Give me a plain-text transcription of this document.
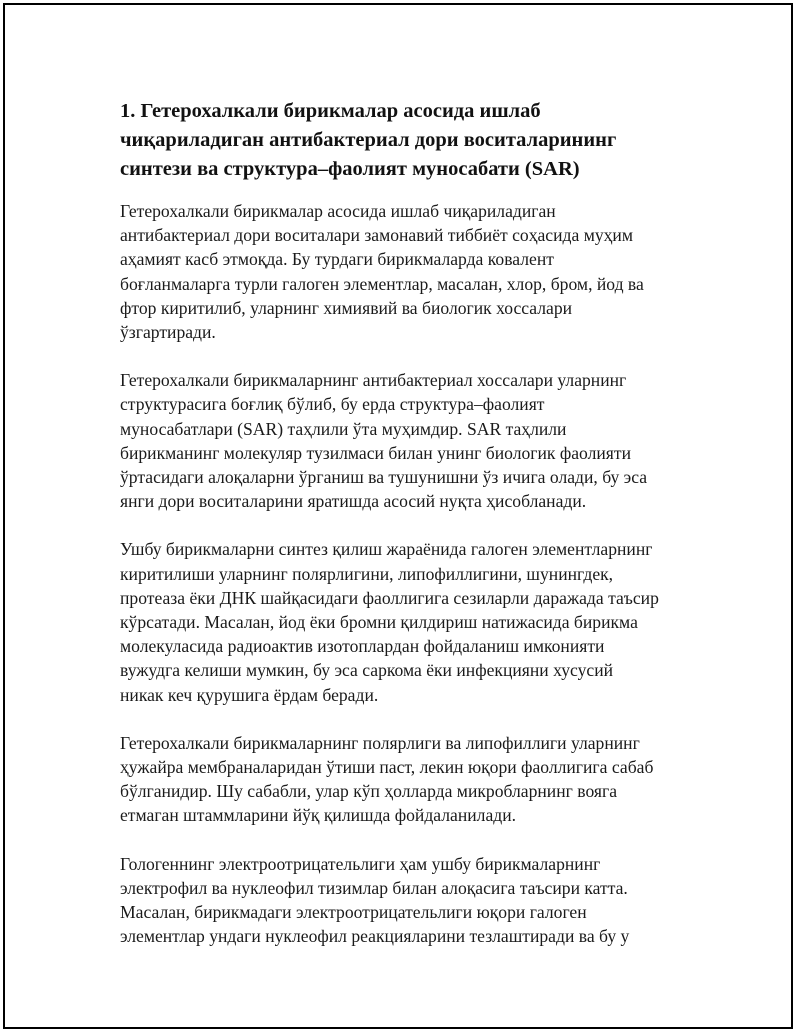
1. Гетерохалкали бирикмалар асосида ишлаб
чиқариладиган антибактериал дори воситаларининг
синтези ва структура–фаолият муносабати (SAR)

Гетерохалкали бирикмалар асосида ишлаб чиқариладиган
антибактериал дори воситалари замонавий тиббиёт соҳасида муҳим
аҳамият касб этмоқда. Бу турдаги бирикмаларда ковалент
боғланмаларга турли галоген элементлар, масалан, хлор, бром, йод ва
фтор киритилиб, уларнинг химиявий ва биологик хоссалари
ўзгартиради.

Гетерохалкали бирикмаларнинг антибактериал хоссалари уларнинг
структурасига боғлиқ бўлиб, бу ерда структура–фаолият
муносабатлари (SAR) таҳлили ўта муҳимдир. SAR таҳлили
бирикманинг молекуляр тузилмаси билан унинг биологик фаолияти
ўртасидаги алоқаларни ўрганиш ва тушунишни ўз ичига олади, бу эса
янги дори воситаларини яратишда асосий нуқта ҳисобланади.

Ушбу бирикмаларни синтез қилиш жараёнида галоген элементларнинг
киритилиши уларнинг полярлигини, липофиллигини, шунингдек,
протеаза ёки ДНК шайқасидаги фаоллигига сезиларли даражада таъсир
кўрсатади. Масалан, йод ёки бромни қилдириш натижасида бирикма
молекуласида радиоактив изотоплардан фойдаланиш имконияти
вужудга келиши мумкин, бу эса саркома ёки инфекцияни хусусий
никак кеч қурушига ёрдам беради.

Гетерохалкали бирикмаларнинг полярлиги ва липофиллиги уларнинг
ҳужайра мембраналаридан ўтиши паст, лекин юқори фаоллигига сабаб
бўлганидир. Шу сабабли, улар кўп ҳолларда микробларнинг вояга
етмаган штаммларини йўқ қилишда фойдаланилади.

Гологеннинг электроотрицательлиги ҳам ушбу бирикмаларнинг
электрофил ва нуклеофил тизимлар билан алоқасига таъсири катта.
Масалан, бирикмадаги электроотрицательлиги юқори галоген
элементлар ундаги нуклеофил реакцияларини тезлаштиради ва бу у
